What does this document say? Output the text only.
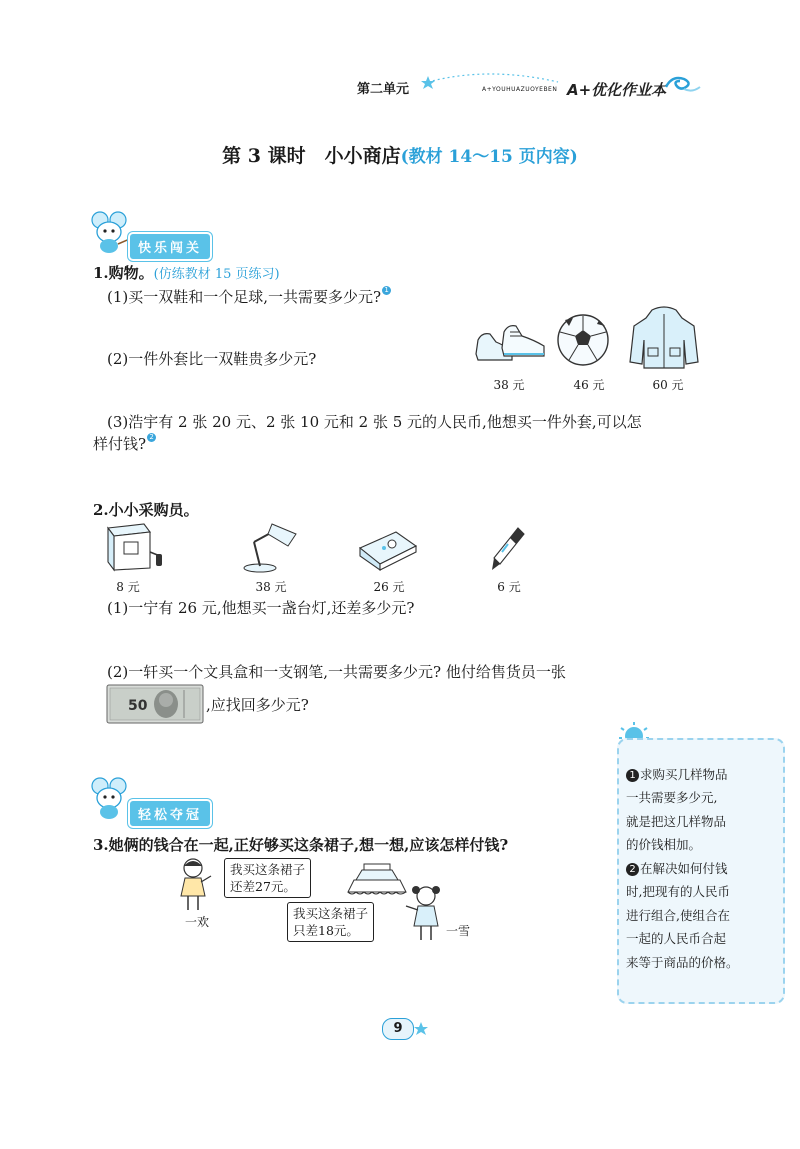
第二单元	A+YOUHUAZUOYEBEN A+优化作业本
第 3 课时　小小商店(教材 14～15 页内容)
快乐闯关
1.购物。(仿练教材 15 页练习)
(1)买一双鞋和一个足球,一共需要多少元? 1
(2)一件外套比一双鞋贵多少元?
38 元	46 元	60 元
(3)浩宇有 2 张 20 元、2 张 10 元和 2 张 5 元的人民币,他想买一件外套,可以怎
样付钱? 2
2.小小采购员。
8 元	38 元	26 元	6 元
(1)一宁有 26 元,他想买一盏台灯,还差多少元?
(2)一轩买一个文具盒和一支钢笔,一共需要多少元? 他付给售货员一张
50	,应找回多少元?
1 求购买几样物品
一共需要多少元,
就是把这几样物品
的价钱相加。
2 在解决如何付钱
时,把现有的人民币
进行组合,使组合在
一起的人民币合起
来等于商品的价格。
轻松夺冠
3.她俩的钱合在一起,正好够买这条裙子,想一想,应该怎样付钱?
一欢
我买这条裙子
还差27元。
我买这条裙子
只差18元。	一雪
9
